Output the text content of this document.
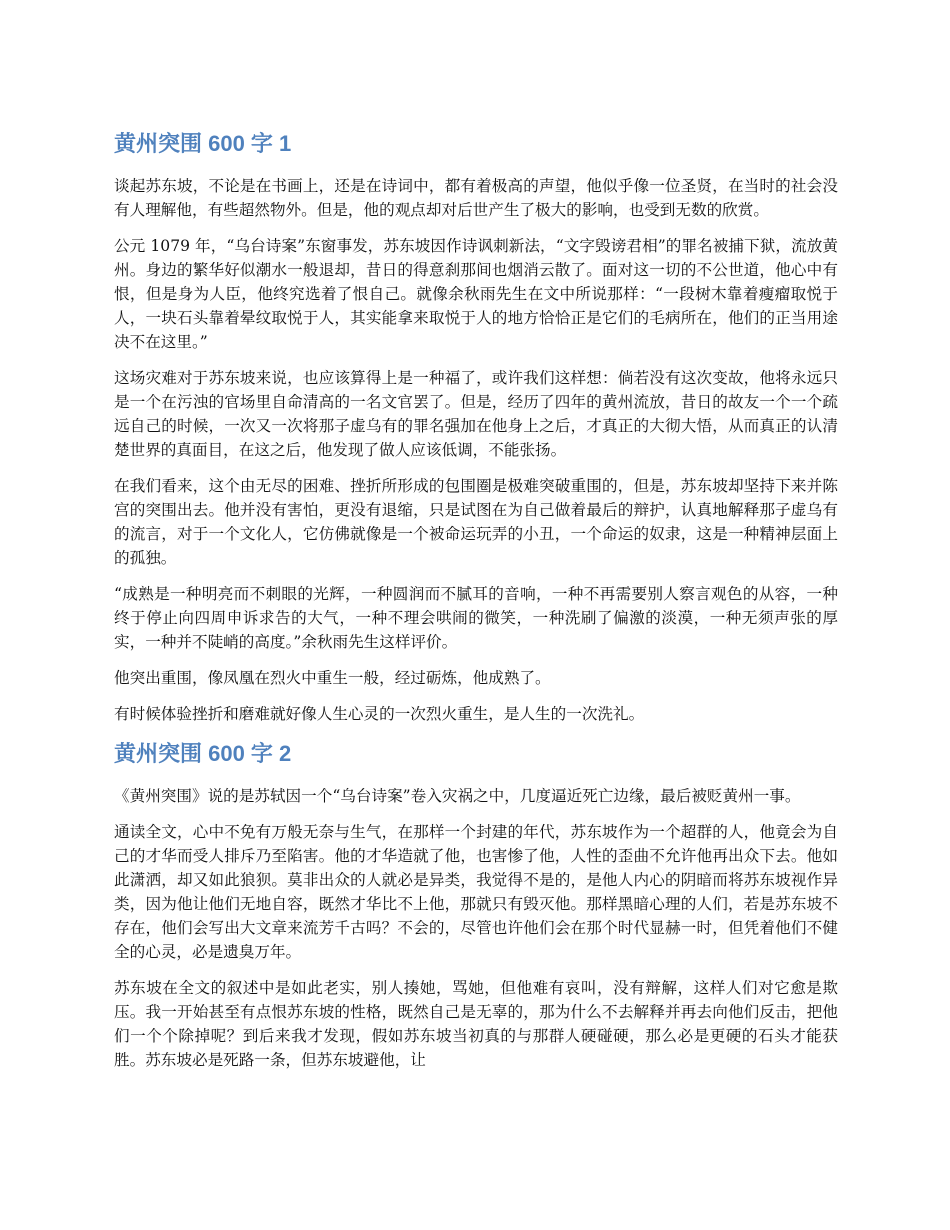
黄州突围 600 字 1

谈起苏东坡，不论是在书画上，还是在诗词中，都有着极高的声望，他似乎像一位圣贤，在当时的社会没有人理解他，有些超然物外。但是，他的观点却对后世产生了极大的影响，也受到无数的欣赏。

公元 1079 年，“乌台诗案”东窗事发，苏东坡因作诗讽刺新法，“文字毁谤君相”的罪名被捕下狱，流放黄州。身边的繁华好似潮水一般退却，昔日的得意刹那间也烟消云散了。面对这一切的不公世道，他心中有恨，但是身为人臣，他终究选着了恨自己。就像余秋雨先生在文中所说那样：“一段树木靠着瘦瘤取悦于人，一块石头靠着晕纹取悦于人，其实能拿来取悦于人的地方恰恰正是它们的毛病所在，他们的正当用途决不在这里。”

这场灾难对于苏东坡来说，也应该算得上是一种福了，或许我们这样想：倘若没有这次变故，他将永远只是一个在污浊的官场里自命清高的一名文官罢了。但是，经历了四年的黄州流放，昔日的故友一个一个疏远自己的时候，一次又一次将那子虚乌有的罪名强加在他身上之后，才真正的大彻大悟，从而真正的认清楚世界的真面目，在这之后，他发现了做人应该低调，不能张扬。

在我们看来，这个由无尽的困难、挫折所形成的包围圈是极难突破重围的，但是，苏东坡却坚持下来并陈宫的突围出去。他并没有害怕，更没有退缩，只是试图在为自己做着最后的辩护，认真地解释那子虚乌有的流言，对于一个文化人，它仿佛就像是一个被命运玩弄的小丑，一个命运的奴隶，这是一种精神层面上的孤独。

“成熟是一种明亮而不刺眼的光辉，一种圆润而不腻耳的音响，一种不再需要别人察言观色的从容，一种终于停止向四周申诉求告的大气，一种不理会哄闹的微笑，一种洗刷了偏激的淡漠，一种无须声张的厚实，一种并不陡峭的高度。”余秋雨先生这样评价。

他突出重围，像凤凰在烈火中重生一般，经过砺炼，他成熟了。

有时候体验挫折和磨难就好像人生心灵的一次烈火重生，是人生的一次洗礼。

黄州突围 600 字 2

《黄州突围》说的是苏轼因一个“乌台诗案”卷入灾祸之中，几度逼近死亡边缘，最后被贬黄州一事。

通读全文，心中不免有万般无奈与生气，在那样一个封建的年代，苏东坡作为一个超群的人，他竟会为自己的才华而受人排斥乃至陷害。他的才华造就了他，也害惨了他，人性的歪曲不允许他再出众下去。他如此潇洒，却又如此狼狈。莫非出众的人就必是异类，我觉得不是的，是他人内心的阴暗而将苏东坡视作异类，因为他让他们无地自容，既然才华比不上他，那就只有毁灭他。那样黑暗心理的人们，若是苏东坡不存在，他们会写出大文章来流芳千古吗？不会的，尽管也许他们会在那个时代显赫一时，但凭着他们不健全的心灵，必是遗臭万年。

苏东坡在全文的叙述中是如此老实，别人揍她，骂她，但他难有哀叫，没有辩解，这样人们对它愈是欺压。我一开始甚至有点恨苏东坡的性格，既然自己是无辜的，那为什么不去解释并再去向他们反击，把他们一个个除掉呢？到后来我才发现，假如苏东坡当初真的与那群人硬碰硬，那么必是更硬的石头才能获胜。苏东坡必是死路一条，但苏东坡避他，让
